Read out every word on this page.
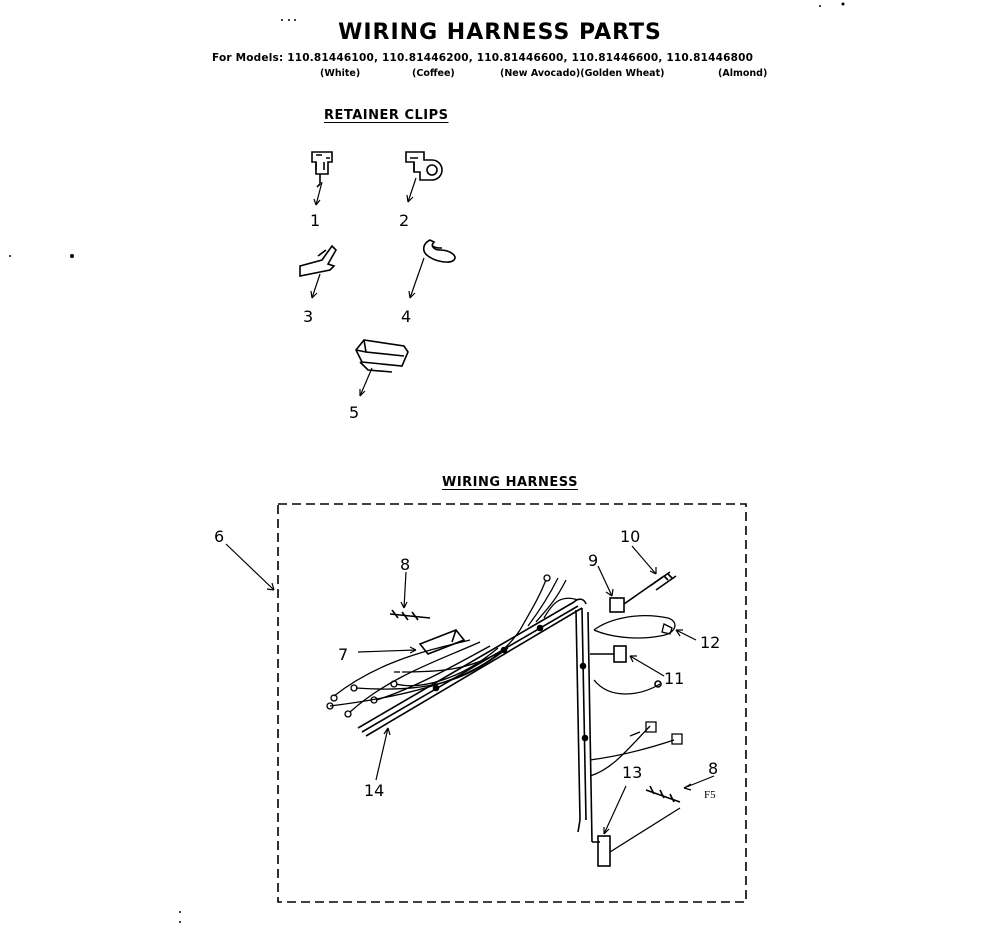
WIRING HARNESS PARTS
For Models: 110.81446100, 110.81446200, 110.81446600, 110.81446600, 110.81446800
(White)	(Coffee)	(New Avocado)(Golden Wheat)	(Almond)
RETAINER CLIPS
WIRING HARNESS
1	2
3	4
5
6
7
8
8
9
10
11
12
13
14	F5
